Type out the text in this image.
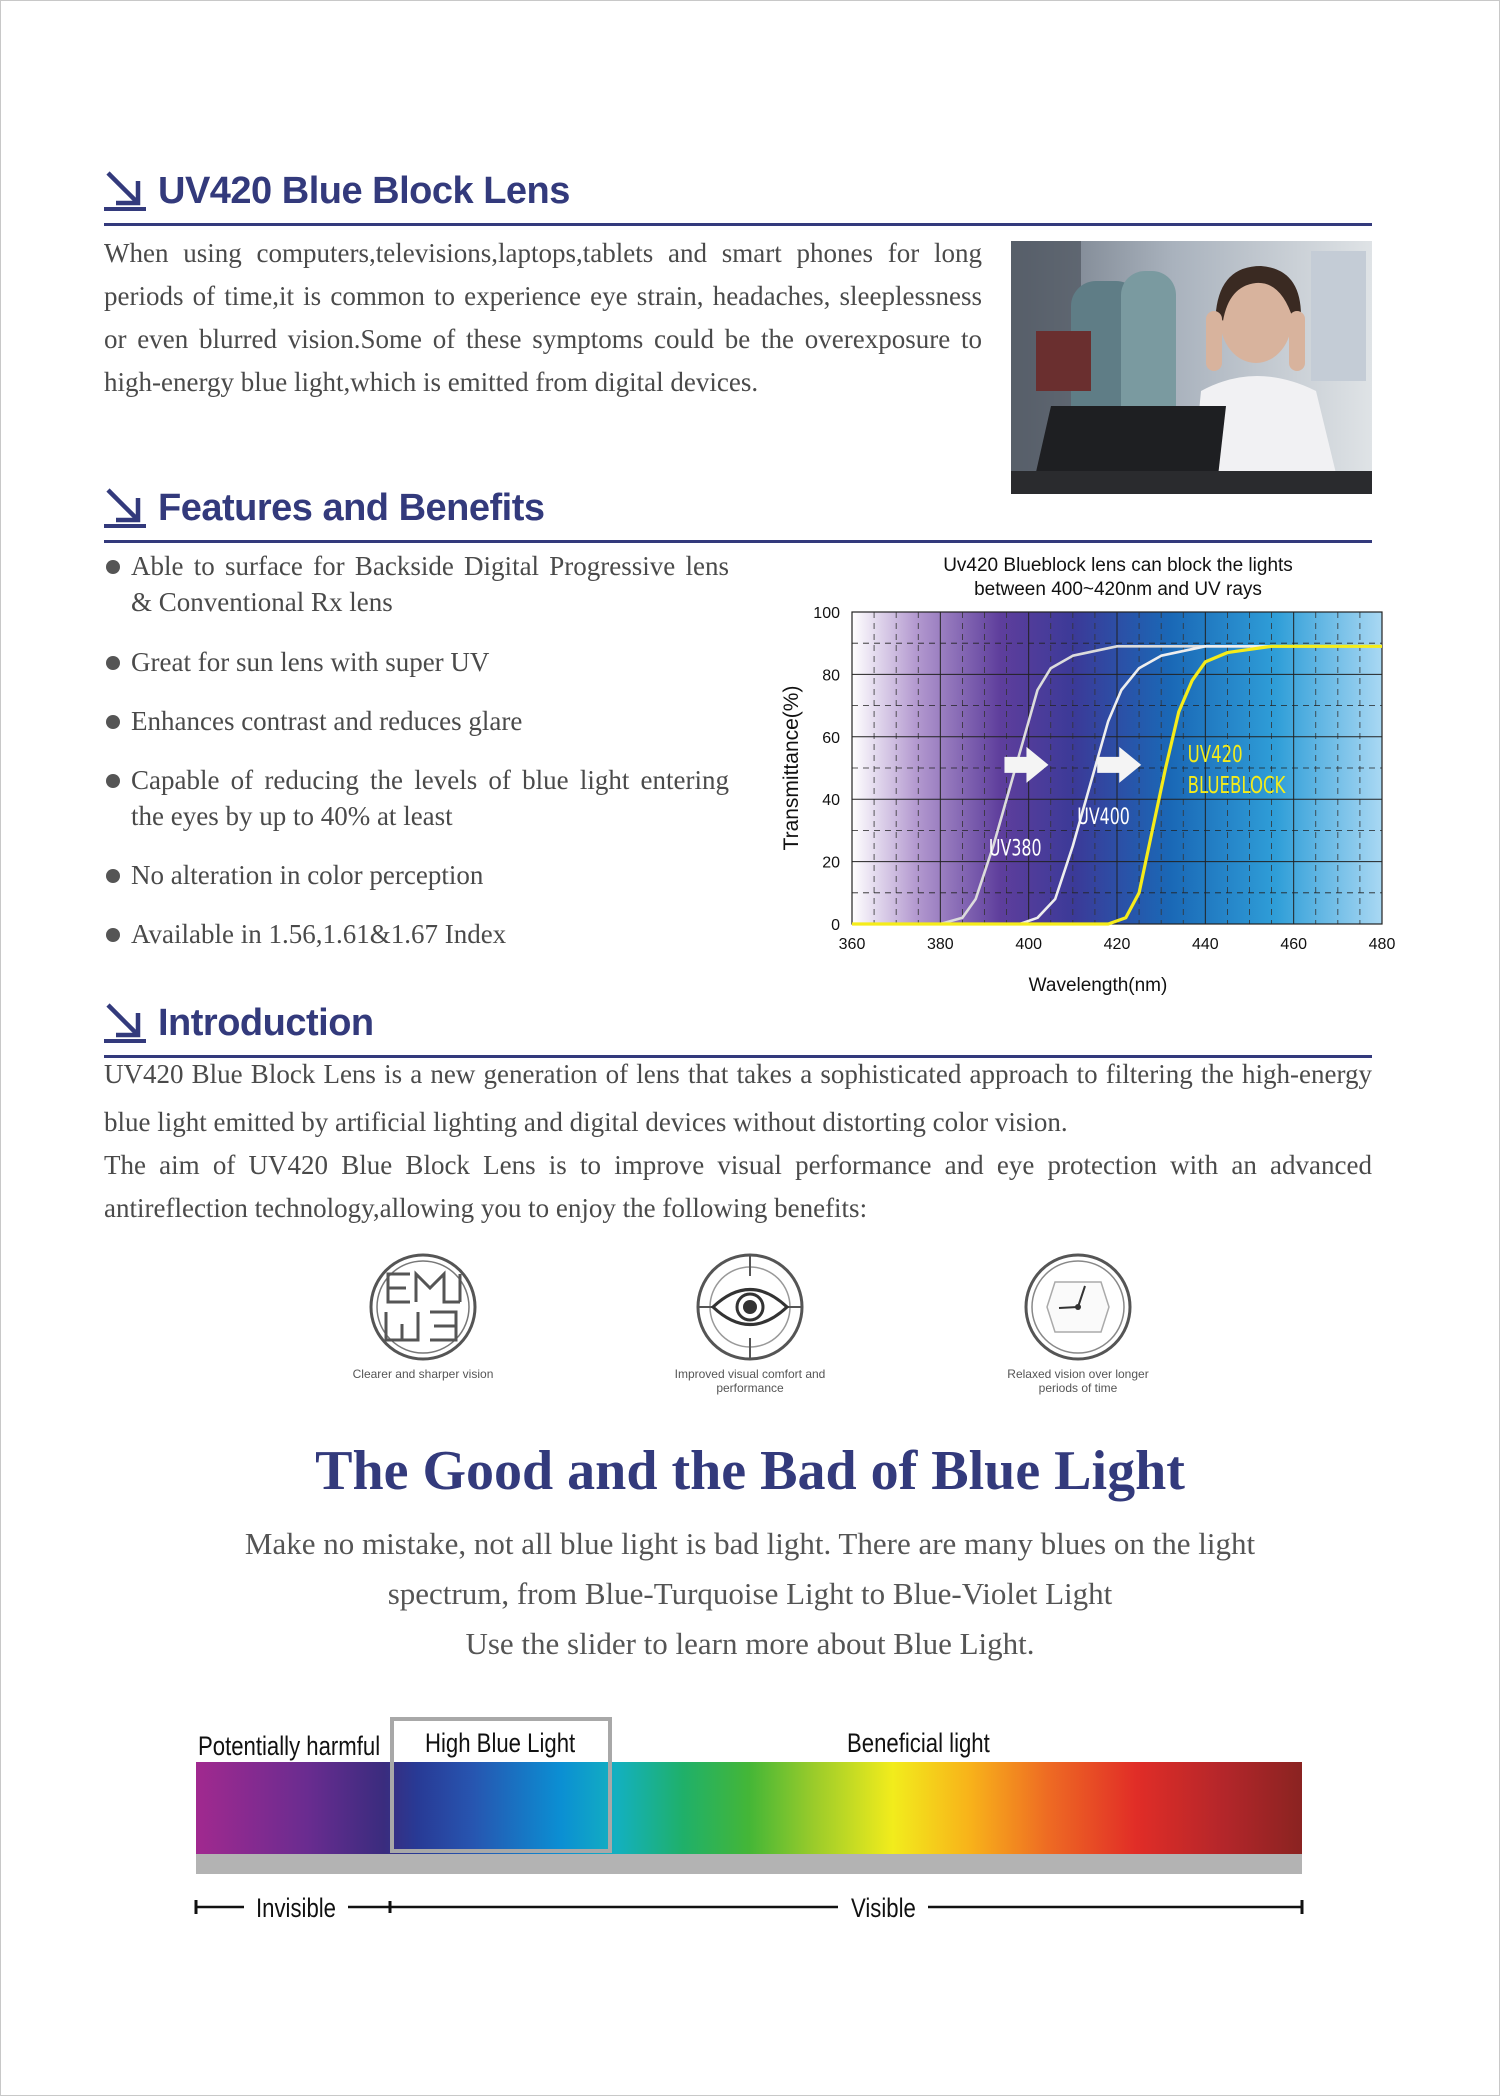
UV420 Blue Block Lens

When using computers,televisions,laptops,tablets and smart phones for long periods of time,it is common to experience eye strain, headaches, sleeplessness or even blurred vision.Some of these symptoms could be the overexposure to high-energy blue light,which is emitted from digital devices.

Features and Benefits
Able to surface for Backside Digital Progressive lens & Conventional Rx lens
Great for sun lens with super UV
Enhances contrast and reduces glare
Capable of reducing the levels of blue light entering the eyes by up to 40% at least
No alteration in color perception
Available in 1.56,1.61&1.67 Index
Uv420 Blueblock lens can block the lights
between 400~420nm and UV rays
360	380	400	420	440	460	480
0
20
40
60
80
100
UV380
UV400
UV420
BLUEBLOCK
Wavelength(nm)
Transmittance(%)
Introduction

UV420 Blue Block Lens is a new generation of lens that takes a sophisticated approach to filtering the high-energy blue light emitted by artificial lighting and digital devices without distorting color vision.

The aim of UV420 Blue Block Lens is to improve visual performance and eye protection with an advanced antireflection technology,allowing you to enjoy the following benefits:

Clearer and sharper vision	Improved visual comfort and performance
Relaxed vision over longer periods of time
The Good and the Bad of Blue Light

Make no mistake, not all blue light is bad light. There are many blues on the light

spectrum, from Blue-Turquoise Light to Blue-Violet Light

Use the slider to learn more about Blue Light.

Potentially harmful High Blue Light	Beneficial light
Invisible	Visible
